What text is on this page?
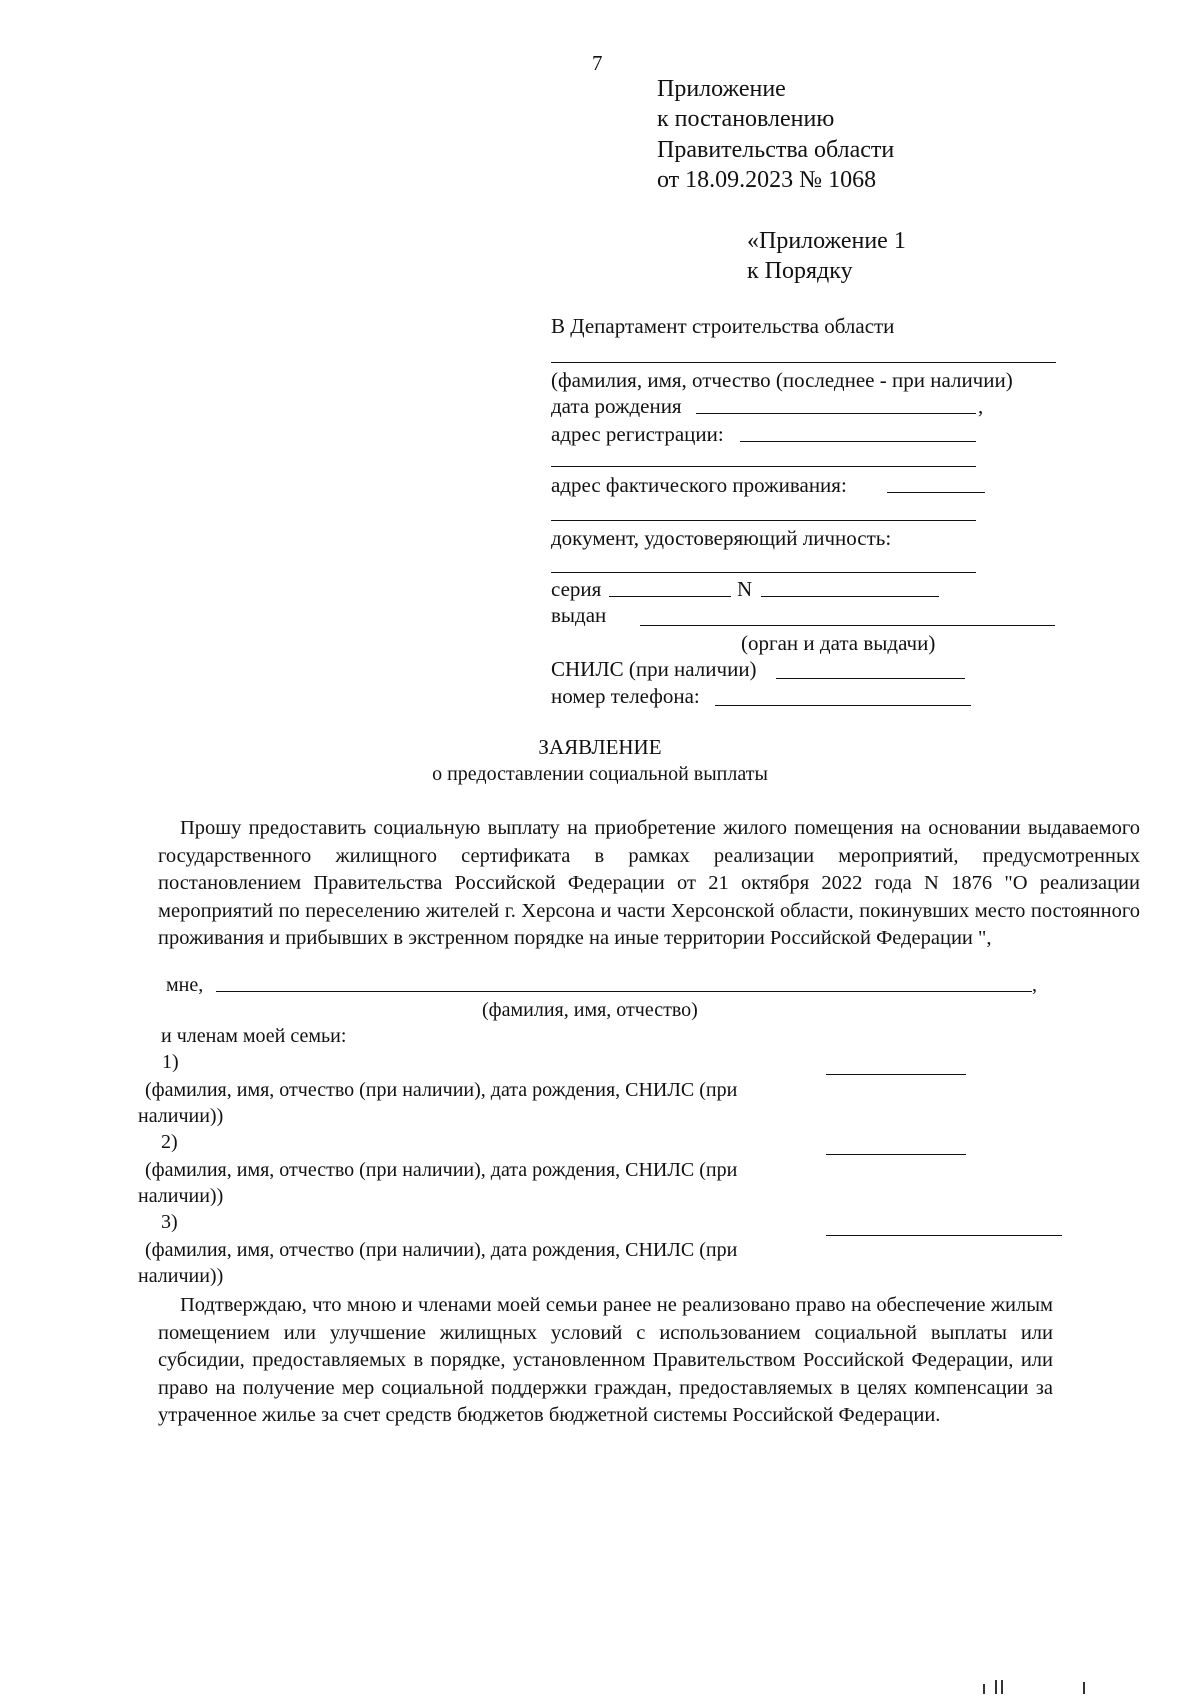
7
Приложение
к постановлению
Правительства области
от 18.09.2023 № 1068
«Приложение 1
к Порядку
В Департамент строительства области
(фамилия, имя, отчество (последнее - при наличии)
дата рождения	,
адрес регистрации:
адрес фактического проживания:
документ, удостоверяющий личность:
серия	N
выдан
(орган и дата выдачи)
СНИЛС (при наличии)
номер телефона:
ЗАЯВЛЕНИЕ
о предоставлении социальной выплаты

Прошу предоставить социальную выплату на приобретение жилого помещения на основании выдаваемого государственного жилищного сертификата в рамках реализации мероприятий, предусмотренных постановлением Правительства Российской Федерации от 21 октября 2022 года N 1876 "О реализации мероприятий по переселению жителей г. Херсона и части Херсонской области, покинувших место постоянного проживания и прибывших в экстренном порядке на иные территории Российской Федерации ",

мне,	,
(фамилия, имя, отчество)
и членам моей семьи:
1)
(фамилия, имя, отчество (при наличии), дата рождения, СНИЛС (при
наличии))
2)
(фамилия, имя, отчество (при наличии), дата рождения, СНИЛС (при
наличии))
3)
(фамилия, имя, отчество (при наличии), дата рождения, СНИЛС (при
наличии))

Подтверждаю, что мною и членами моей семьи ранее не реализовано право на обеспечение жилым помещением или улучшение жилищных условий с использованием социальной выплаты или субсидии, предоставляемых в порядке, установленном Правительством Российской Федерации, или право на получение мер социальной поддержки граждан, предоставляемых в целях компенсации за утраченное жилье за счет средств бюджетов бюджетной системы Российской Федерации.
